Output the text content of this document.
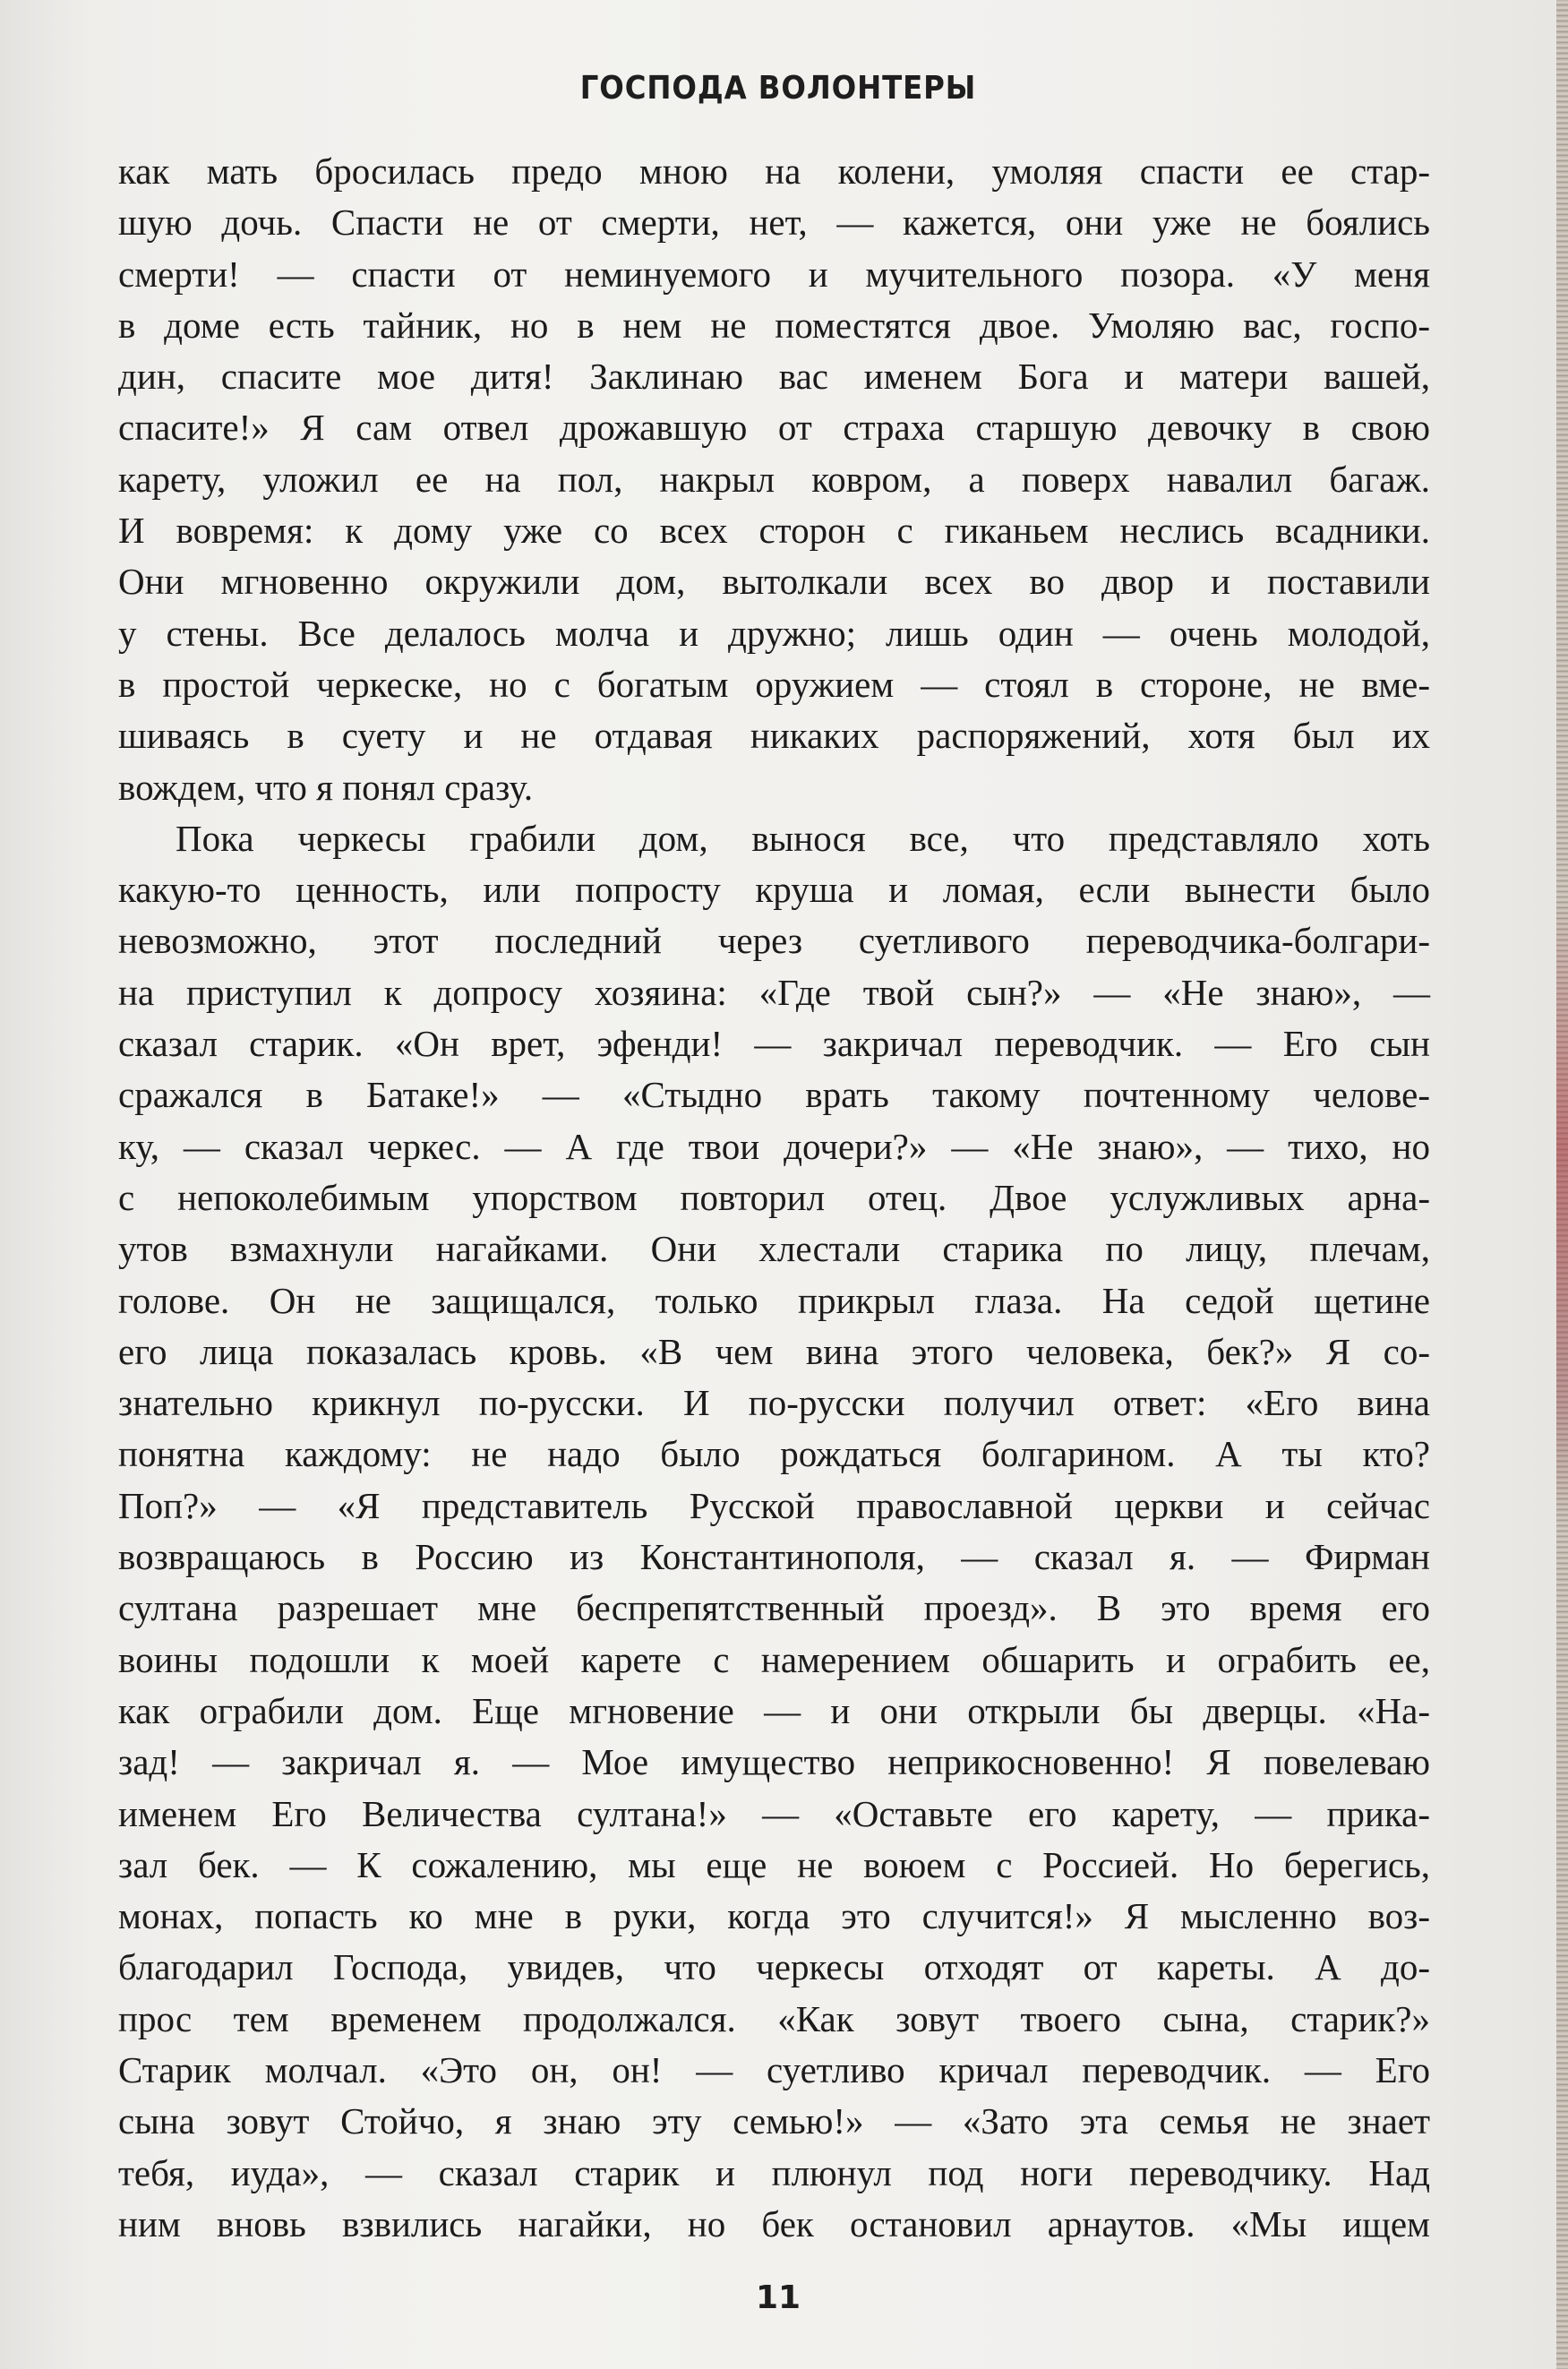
ГОСПОДА ВОЛОНТЕРЫ
как мать бросилась предо мною на колени, умоляя спасти ее стар-
шую дочь. Спасти не от смерти, нет, — кажется, они уже не боялись
смерти! — спасти от неминуемого и мучительного позора. «У меня
в доме есть тайник, но в нем не поместятся двое. Умоляю вас, госпо-
дин, спасите мое дитя! Заклинаю вас именем Бога и матери вашей,
спасите!» Я сам отвел дрожавшую от страха старшую девочку в свою
карету, уложил ее на пол, накрыл ковром, а поверх навалил багаж.
И вовремя: к дому уже со всех сторон с гиканьем неслись всадники.
Они мгновенно окружили дом, вытолкали всех во двор и поставили
у стены. Все делалось молча и дружно; лишь один — очень молодой,
в простой черкеске, но с богатым оружием — стоял в стороне, не вме-
шиваясь в суету и не отдавая никаких распоряжений, хотя был их
вождем, что я понял сразу.
Пока черкесы грабили дом, вынося все, что представляло хоть
какую-то ценность, или попросту круша и ломая, если вынести было
невозможно, этот последний через суетливого переводчика-болгари-
на приступил к допросу хозяина: «Где твой сын?» — «Не знаю», —
сказал старик. «Он врет, эфенди! — закричал переводчик. — Его сын
сражался в Батаке!» — «Стыдно врать такому почтенному челове-
ку, — сказал черкес. — А где твои дочери?» — «Не знаю», — тихо, но
с непоколебимым упорством повторил отец. Двое услужливых арна-
утов взмахнули нагайками. Они хлестали старика по лицу, плечам,
голове. Он не защищался, только прикрыл глаза. На седой щетине
его лица показалась кровь. «В чем вина этого человека, бек?» Я со-
знательно крикнул по-русски. И по-русски получил ответ: «Его вина
понятна каждому: не надо было рождаться болгарином. А ты кто?
Поп?» — «Я представитель Русской православной церкви и сейчас
возвращаюсь в Россию из Константинополя, — сказал я. — Фирман
султана разрешает мне беспрепятственный проезд». В это время его
воины подошли к моей карете с намерением обшарить и ограбить ее,
как ограбили дом. Еще мгновение — и они открыли бы дверцы. «На-
зад! — закричал я. — Мое имущество неприкосновенно! Я повелеваю
именем Его Величества султана!» — «Оставьте его карету, — прика-
зал бек. — К сожалению, мы еще не воюем с Россией. Но берегись,
монах, попасть ко мне в руки, когда это случится!» Я мысленно воз-
благодарил Господа, увидев, что черкесы отходят от кареты. А до-
прос тем временем продолжался. «Как зовут твоего сына, старик?»
Старик молчал. «Это он, он! — суетливо кричал переводчик. — Его
сына зовут Стойчо, я знаю эту семью!» — «Зато эта семья не знает
тебя, иуда», — сказал старик и плюнул под ноги переводчику. Над
ним вновь взвились нагайки, но бек остановил арнаутов. «Мы ищем
11
